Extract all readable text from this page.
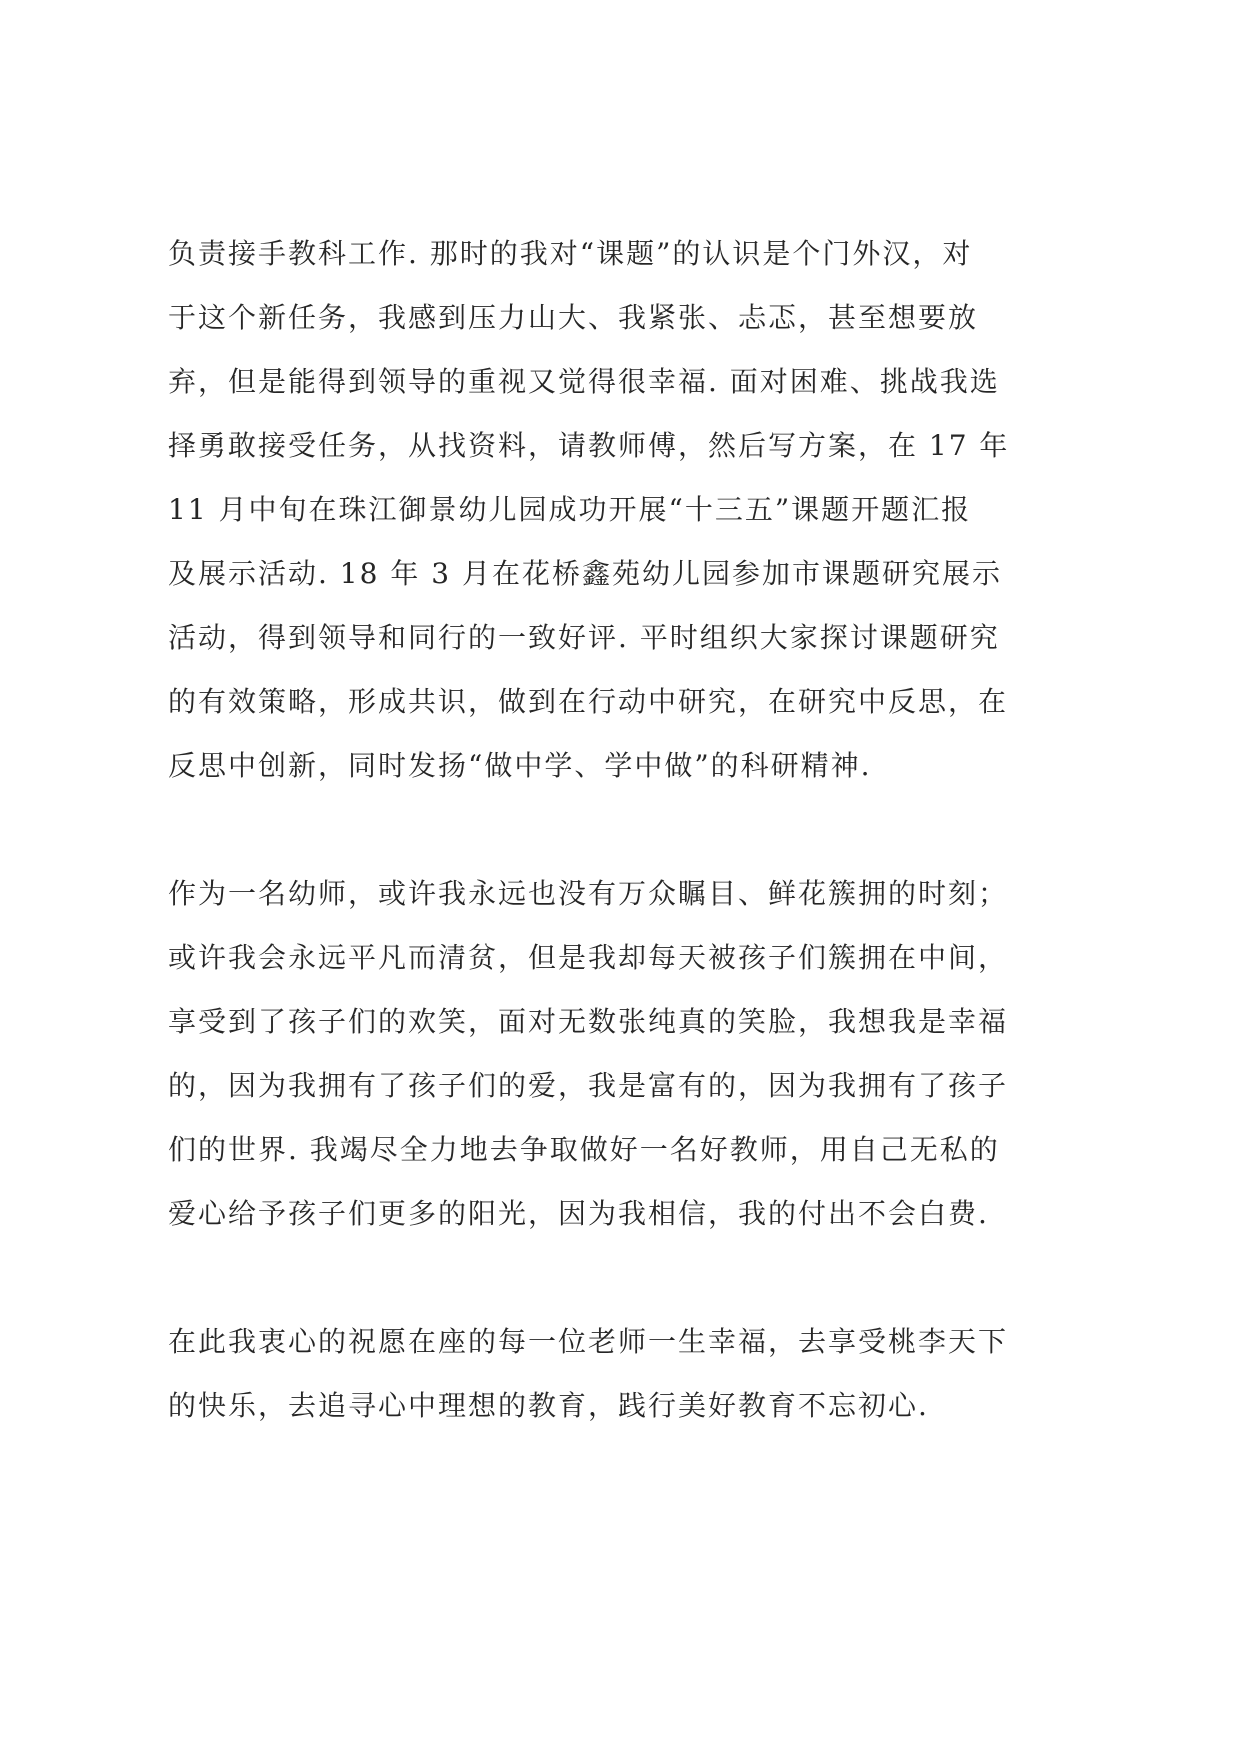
负责接手教科工作. 那时的我对“课题”的认识是个门外汉，对
于这个新任务，我感到压力山大、我紧张、忐忑，甚至想要放
弃，但是能得到领导的重视又觉得很幸福. 面对困难、挑战我选
择勇敢接受任务，从找资料，请教师傅，然后写方案，在 17 年
11 月中旬在珠江御景幼儿园成功开展“十三五”课题开题汇报
及展示活动. 18 年 3 月在花桥鑫苑幼儿园参加市课题研究展示
活动，得到领导和同行的一致好评. 平时组织大家探讨课题研究
的有效策略，形成共识，做到在行动中研究，在研究中反思，在
反思中创新，同时发扬“做中学、学中做”的科研精神.
作为一名幼师，或许我永远也没有万众瞩目、鲜花簇拥的时刻；
或许我会永远平凡而清贫，但是我却每天被孩子们簇拥在中间，
享受到了孩子们的欢笑，面对无数张纯真的笑脸，我想我是幸福
的，因为我拥有了孩子们的爱，我是富有的，因为我拥有了孩子
们的世界. 我竭尽全力地去争取做好一名好教师，用自己无私的
爱心给予孩子们更多的阳光，因为我相信，我的付出不会白费.
在此我衷心的祝愿在座的每一位老师一生幸福，去享受桃李天下
的快乐，去追寻心中理想的教育，践行美好教育不忘初心.
